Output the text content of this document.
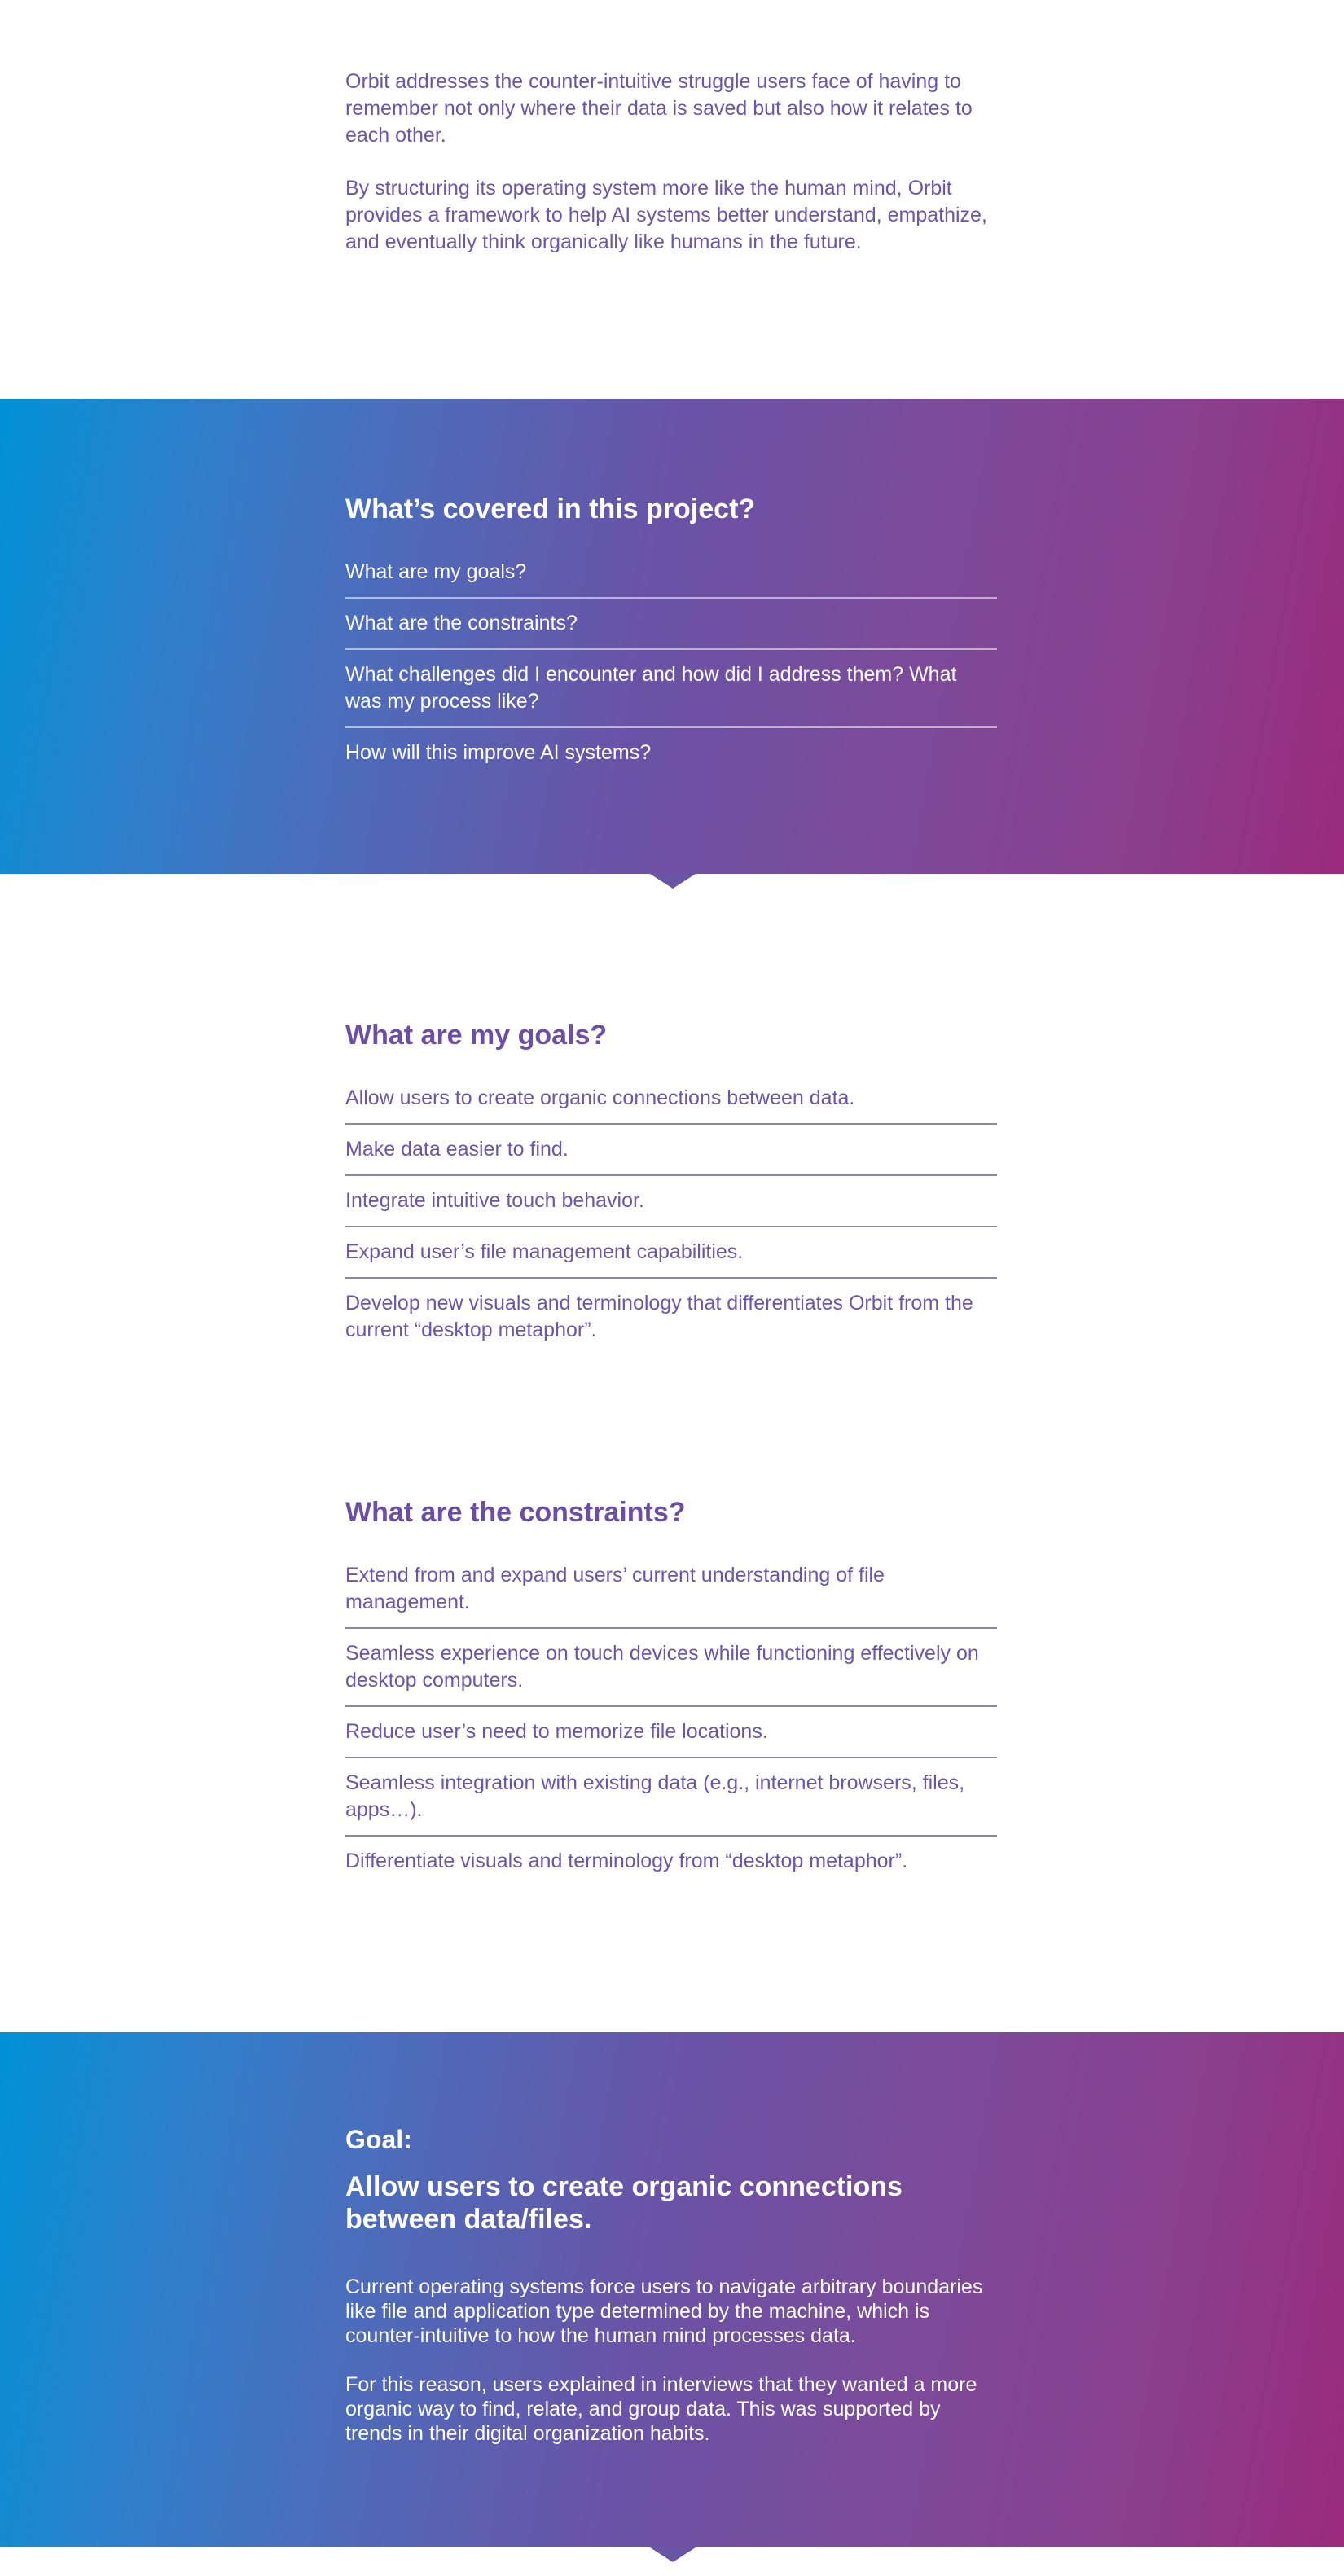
Orbit addresses the counter-intuitive struggle users face of having to remember not only where their data is saved but also how it relates to each other.

By structuring its operating system more like the human mind, Orbit provides a framework to help AI systems better understand, empathize, and eventually think organically like humans in the future.

What’s covered in this project?
What are my goals?
What are the constraints?
What challenges did I encounter and how did I address them? What was my process like?
How will this improve AI systems?
What are my goals?
Allow users to create organic connections between data.
Make data easier to find.
Integrate intuitive touch behavior.
Expand user’s file management capabilities.
Develop new visuals and terminology that differentiates Orbit from the current “desktop metaphor”.
What are the constraints?
Extend from and expand users’ current understanding of file management.
Seamless experience on touch devices while functioning effectively on desktop computers.
Reduce user’s need to memorize file locations.
Seamless integration with existing data (e.g., internet browsers, files, apps…).
Differentiate visuals and terminology from “desktop metaphor”.
Goal:
Allow users to create organic connections between data/files.

Current operating systems force users to navigate arbitrary boundaries like file and application type determined by the machine, which is counter-intuitive to how the human mind processes data.

For this reason, users explained in interviews that they wanted a more organic way to find, relate, and group data. This was supported by trends in their digital organization habits.
